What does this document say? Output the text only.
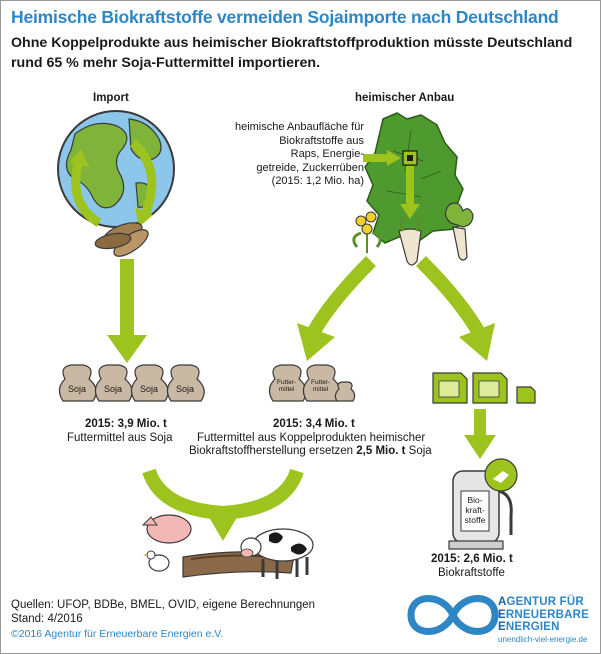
Heimische Biokraftstoffe vermeiden Sojaimporte nach Deutschland
Ohne Koppelprodukte aus heimischer Biokraftstoffproduktion müsste Deutschland rund 65 % mehr Soja-Futtermittel importieren.
Import	heimischer Anbau
heimische Anbaufläche für
Biokraftstoffe aus
Raps, Energie-
getreide, Zuckerrüben
(2015: 1,2 Mio. ha)
Soja Soja Soja Soja
Futter-
mittel
Futter-
mittel
2015: 3,9 Mio. t
Futtermittel aus Soja
2015: 3,4 Mio. t
Futtermittel aus Koppelprodukten heimischer
Biokraftstoffherstellung ersetzen 2,5 Mio. t Soja
Bio-
kraft-
stoffe
2015: 2,6 Mio. t
Biokraftstoffe
Quellen: UFOP, BDBe, BMEL, OVID, eigene Berechnungen
Stand: 4/2016
©2016 Agentur für Erneuerbare Energien e.V.
AGENTUR FÜR
ERNEUERBARE
ENERGIEN
unendlich-viel-energie.de
